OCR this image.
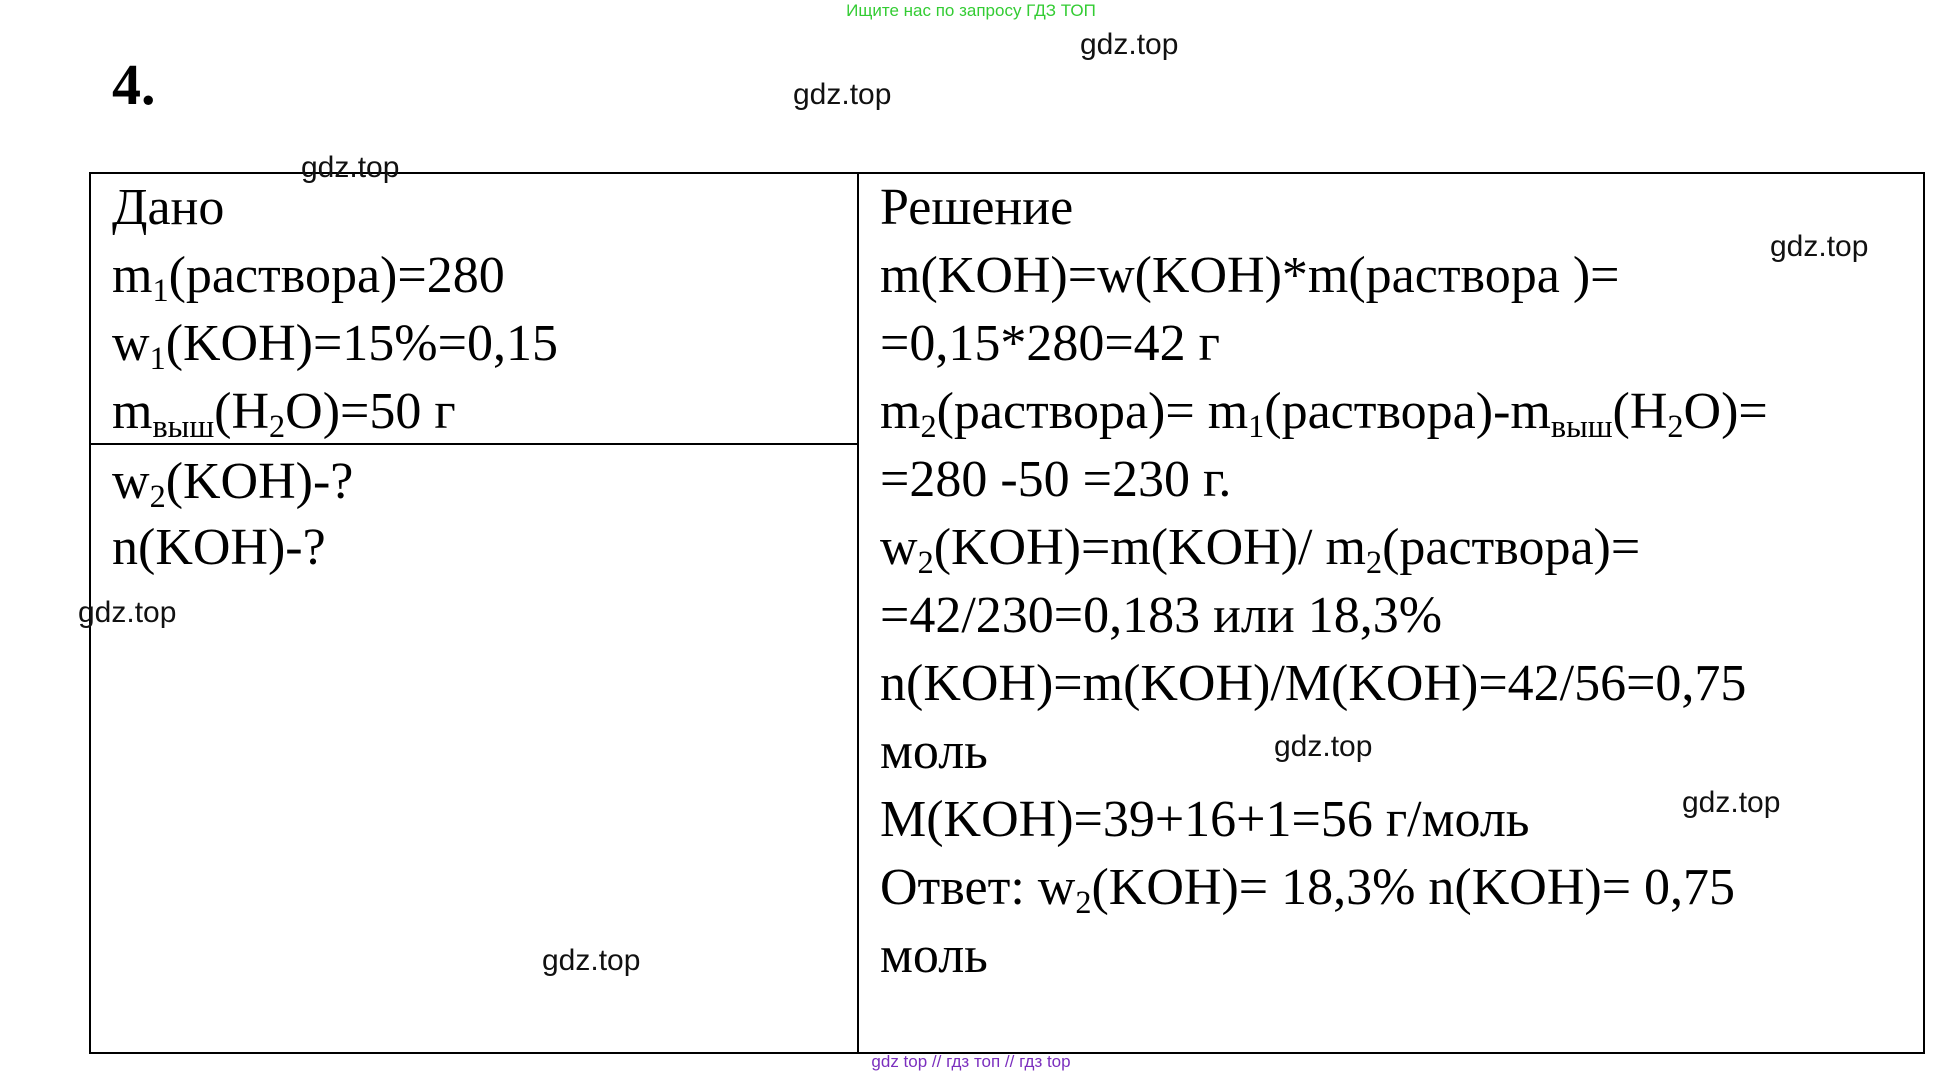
Ищите нас по запросу ГДЗ ТОП
4.
Дано
$m_1(раствора)=280$
$w_1(KOH)=15\%=0,15$
$m_{выш}(H_2O)=50$ г
$w_2(KOH)-$?
n(KOH)-?
Решение
m(KOH)=w(KOH)*m(раствора )=
=0,15*280=42 г
$m_2(раствора)=$ $m_1(раствора)-m_{выш}(H_2O)=$
=280 -50 =230 г.
$w_2(KOH)=m(KOH)/$ $m_2(раствора)=$
=42/230=0,183 или 18,3%
n(KOH)=m(KOH)/M(KOH)=42/56=0,75
моль
M(KOH)=39+16+1=56 г/моль
Ответ: $w_2(KOH)= 18,3\%$ n(KOH)= 0,75
моль
gdz.top
gdz.top
gdz.top
gdz.top
gdz.top
gdz.top
gdz.top
gdz.top
gdz top // гдз топ // гдз top
